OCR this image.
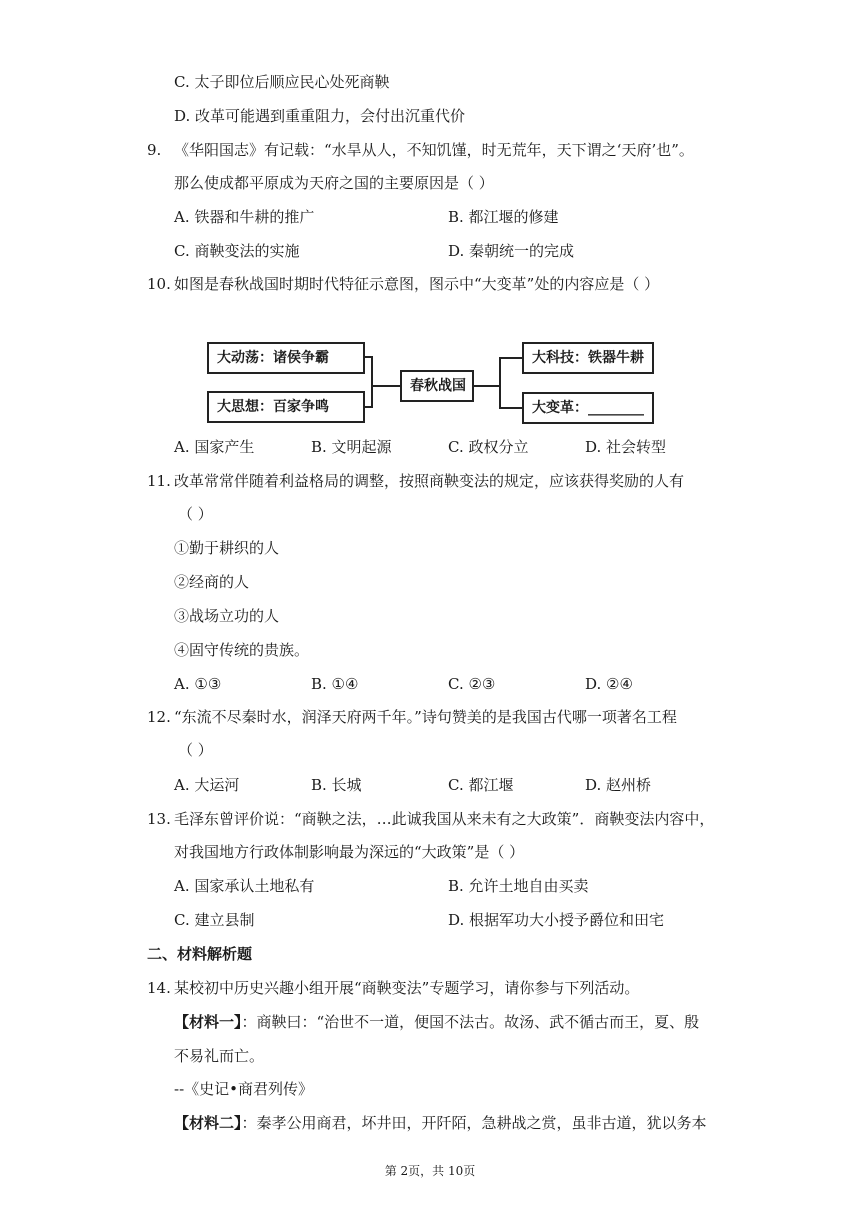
C. 太子即位后顺应民心处死商鞅
D. 改革可能遇到重重阻力，会付出沉重代价
9. 《华阳国志》有记载：“水旱从人，不知饥馑，时无荒年，天下谓之‘天府’也”。
那么使成都平原成为天府之国的主要原因是（ ）
A. 铁器和牛耕的推广	B. 都江堰的修建
C. 商鞅变法的实施	D. 秦朝统一的完成
10. 如图是春秋战国时期时代特征示意图，图示中“大变革”处的内容应是（ ）
大动荡：诸侯争霸
大思想：百家争鸣
春秋战国
大科技：铁器牛耕
大变革：________
A. 国家产生	B. 文明起源	C. 政权分立	D. 社会转型
11. 改革常常伴随着利益格局的调整，按照商鞅变法的规定，应该获得奖励的人有
（ ）
①勤于耕织的人
②经商的人
③战场立功的人
④固守传统的贵族。
A. ①③	B. ①④	C. ②③	D. ②④
12. “东流不尽秦时水，润泽天府两千年。”诗句赞美的是我国古代哪一项著名工程
（ ）
A. 大运河	B. 长城	C. 都江堰	D. 赵州桥
13. 毛泽东曾评价说：“商鞅之法，…此诚我国从来未有之大政策”．商鞅变法内容中，
对我国地方行政体制影响最为深远的“大政策”是（ ）
A. 国家承认土地私有	B. 允许土地自由买卖
C. 建立县制	D. 根据军功大小授予爵位和田宅
二、材料解析题
14. 某校初中历史兴趣小组开展“商鞅变法”专题学习，请你参与下列活动。
【材料一】：商鞅曰：“治世不一道，便国不法古。故汤、武不循古而王，夏、殷
不易礼而亡。
--《史记•商君列传》
【材料二】：秦孝公用商君，坏井田，开阡陌，急耕战之赏，虽非古道，犹以务本
第 2页，共 10页
